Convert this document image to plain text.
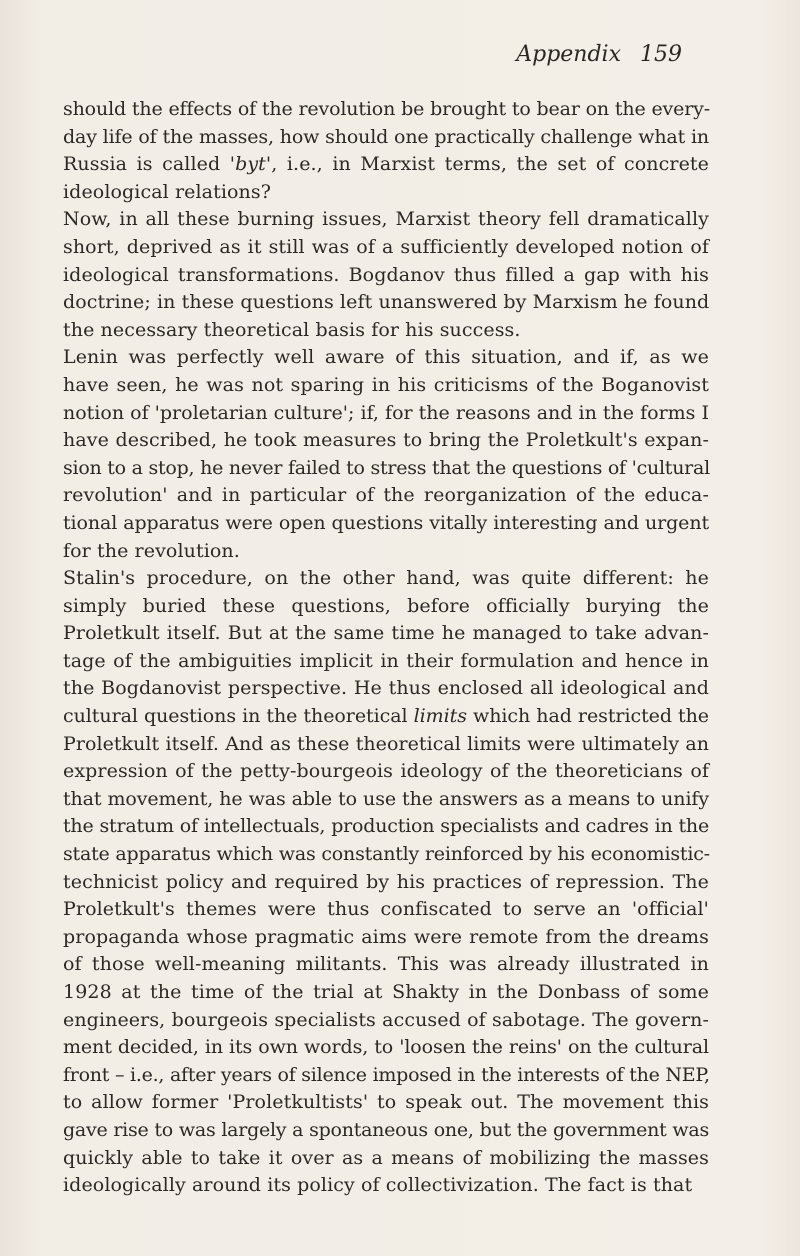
Appendix 159
should the effects of the revolution be brought to bear on the every-
day life of the masses, how should one practically challenge what in
Russia is called 'byt', i.e., in Marxist terms, the set of concrete
ideological relations?
Now, in all these burning issues, Marxist theory fell dramatically
short, deprived as it still was of a sufficiently developed notion of
ideological transformations. Bogdanov thus filled a gap with his
doctrine; in these questions left unanswered by Marxism he found
the necessary theoretical basis for his success.
Lenin was perfectly well aware of this situation, and if, as we
have seen, he was not sparing in his criticisms of the Boganovist
notion of 'proletarian culture'; if, for the reasons and in the forms I
have described, he took measures to bring the Proletkult's expan-
sion to a stop, he never failed to stress that the questions of 'cultural
revolution' and in particular of the reorganization of the educa-
tional apparatus were open questions vitally interesting and urgent
for the revolution.
Stalin's procedure, on the other hand, was quite different: he
simply buried these questions, before officially burying the
Proletkult itself. But at the same time he managed to take advan-
tage of the ambiguities implicit in their formulation and hence in
the Bogdanovist perspective. He thus enclosed all ideological and
cultural questions in the theoretical limits which had restricted the
Proletkult itself. And as these theoretical limits were ultimately an
expression of the petty-bourgeois ideology of the theoreticians of
that movement, he was able to use the answers as a means to unify
the stratum of intellectuals, production specialists and cadres in the
state apparatus which was constantly reinforced by his economistic-
technicist policy and required by his practices of repression. The
Proletkult's themes were thus confiscated to serve an 'official'
propaganda whose pragmatic aims were remote from the dreams
of those well-meaning militants. This was already illustrated in
1928 at the time of the trial at Shakty in the Donbass of some
engineers, bourgeois specialists accused of sabotage. The govern-
ment decided, in its own words, to 'loosen the reins' on the cultural
front – i.e., after years of silence imposed in the interests of the NEP,
to allow former 'Proletkultists' to speak out. The movement this
gave rise to was largely a spontaneous one, but the government was
quickly able to take it over as a means of mobilizing the masses
ideologically around its policy of collectivization. The fact is that
